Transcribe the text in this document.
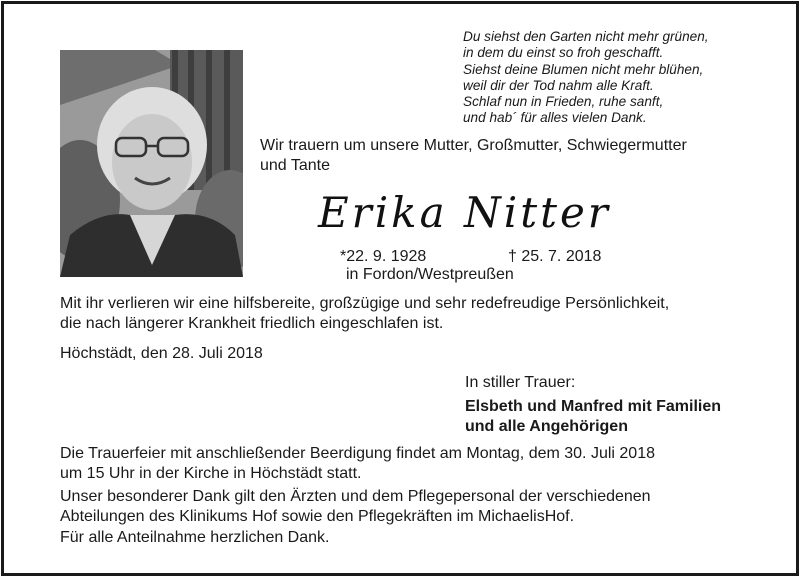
Du siehst den Garten nicht mehr grünen,
in dem du einst so froh geschafft.
Siehst deine Blumen nicht mehr blühen,
weil dir der Tod nahm alle Kraft.
Schlaf nun in Frieden, ruhe sanft,
und hab´ für alles vielen Dank.
Wir trauern um unsere Mutter, Großmutter, Schwiegermutter
und Tante
Erika Nitter
*22. 9. 1928	† 25. 7. 2018
in Fordon/Westpreußen
Mit ihr verlieren wir eine hilfsbereite, großzügige und sehr redefreudige Persönlichkeit,
die nach längerer Krankheit friedlich eingeschlafen ist.
Höchstädt, den 28. Juli 2018
In stiller Trauer:
Elsbeth und Manfred mit Familien
und alle Angehörigen
Die Trauerfeier mit anschließender Beerdigung findet am Montag, dem 30. Juli 2018
um 15 Uhr in der Kirche in Höchstädt statt.
Unser besonderer Dank gilt den Ärzten und dem Pflegepersonal der verschiedenen
Abteilungen des Klinikums Hof sowie den Pflegekräften im MichaelisHof.
Für alle Anteilnahme herzlichen Dank.
